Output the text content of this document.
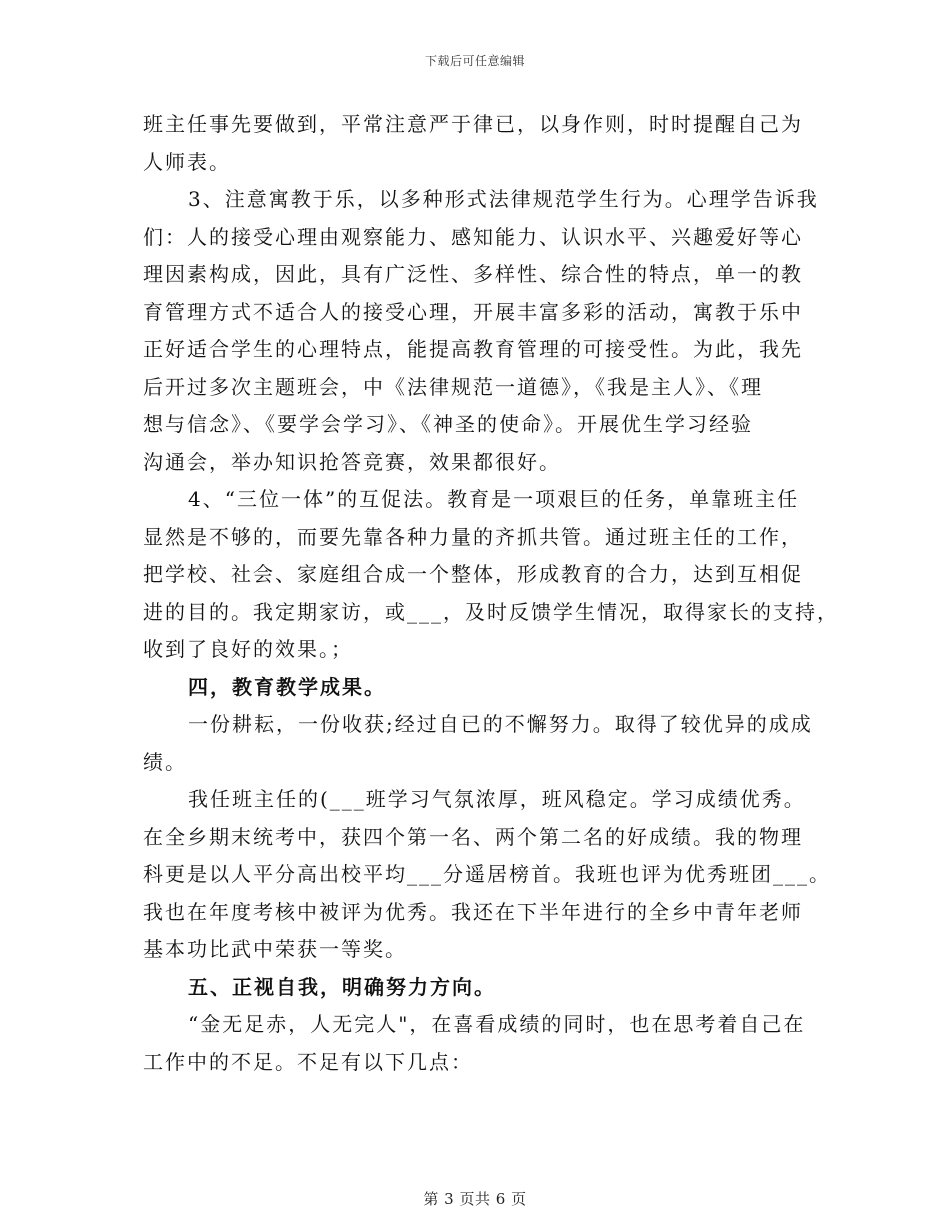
下载后可任意编辑
班主任事先要做到，平常注意严于律已，以身作则，时时提醒自己为
人师表。
3、注意寓教于乐，以多种形式法律规范学生行为。心理学告诉我
们：人的接受心理由观察能力、感知能力、认识水平、兴趣爱好等心
理因素构成，因此，具有广泛性、多样性、综合性的特点，单一的教
育管理方式不适合人的接受心理，开展丰富多彩的活动，寓教于乐中
正好适合学生的心理特点，能提高教育管理的可接受性。为此，我先
后开过多次主题班会，中《法律规范一道德》，《我是主人》、《理
想与信念》、《要学会学习》、《神圣的使命》。开展优生学习经验
沟通会，举办知识抢答竞赛，效果都很好。
4、“三位一体”的互促法。教育是一项艰巨的任务，单靠班主任
显然是不够的，而要先靠各种力量的齐抓共管。通过班主任的工作，
把学校、社会、家庭组合成一个整体，形成教育的合力，达到互相促
进的目的。我定期家访，或___，及时反馈学生情况，取得家长的支持，
收到了良好的效果。；
四，教育教学成果。
一份耕耘，一份收获;经过自已的不懈努力。取得了较优异的成成
绩。
我任班主任的(___班学习气氛浓厚，班风稳定。学习成绩优秀。
在全乡期末统考中，获四个第一名、两个第二名的好成绩。我的物理
科更是以人平分高出校平均___分遥居榜首。我班也评为优秀班团___。
我也在年度考核中被评为优秀。我还在下半年进行的全乡中青年老师
基本功比武中荣获一等奖。
五、正视自我，明确努力方向。
“金无足赤，人无完人"，在喜看成绩的同时，也在思考着自己在
工作中的不足。不足有以下几点：
第 3 页共 6 页
